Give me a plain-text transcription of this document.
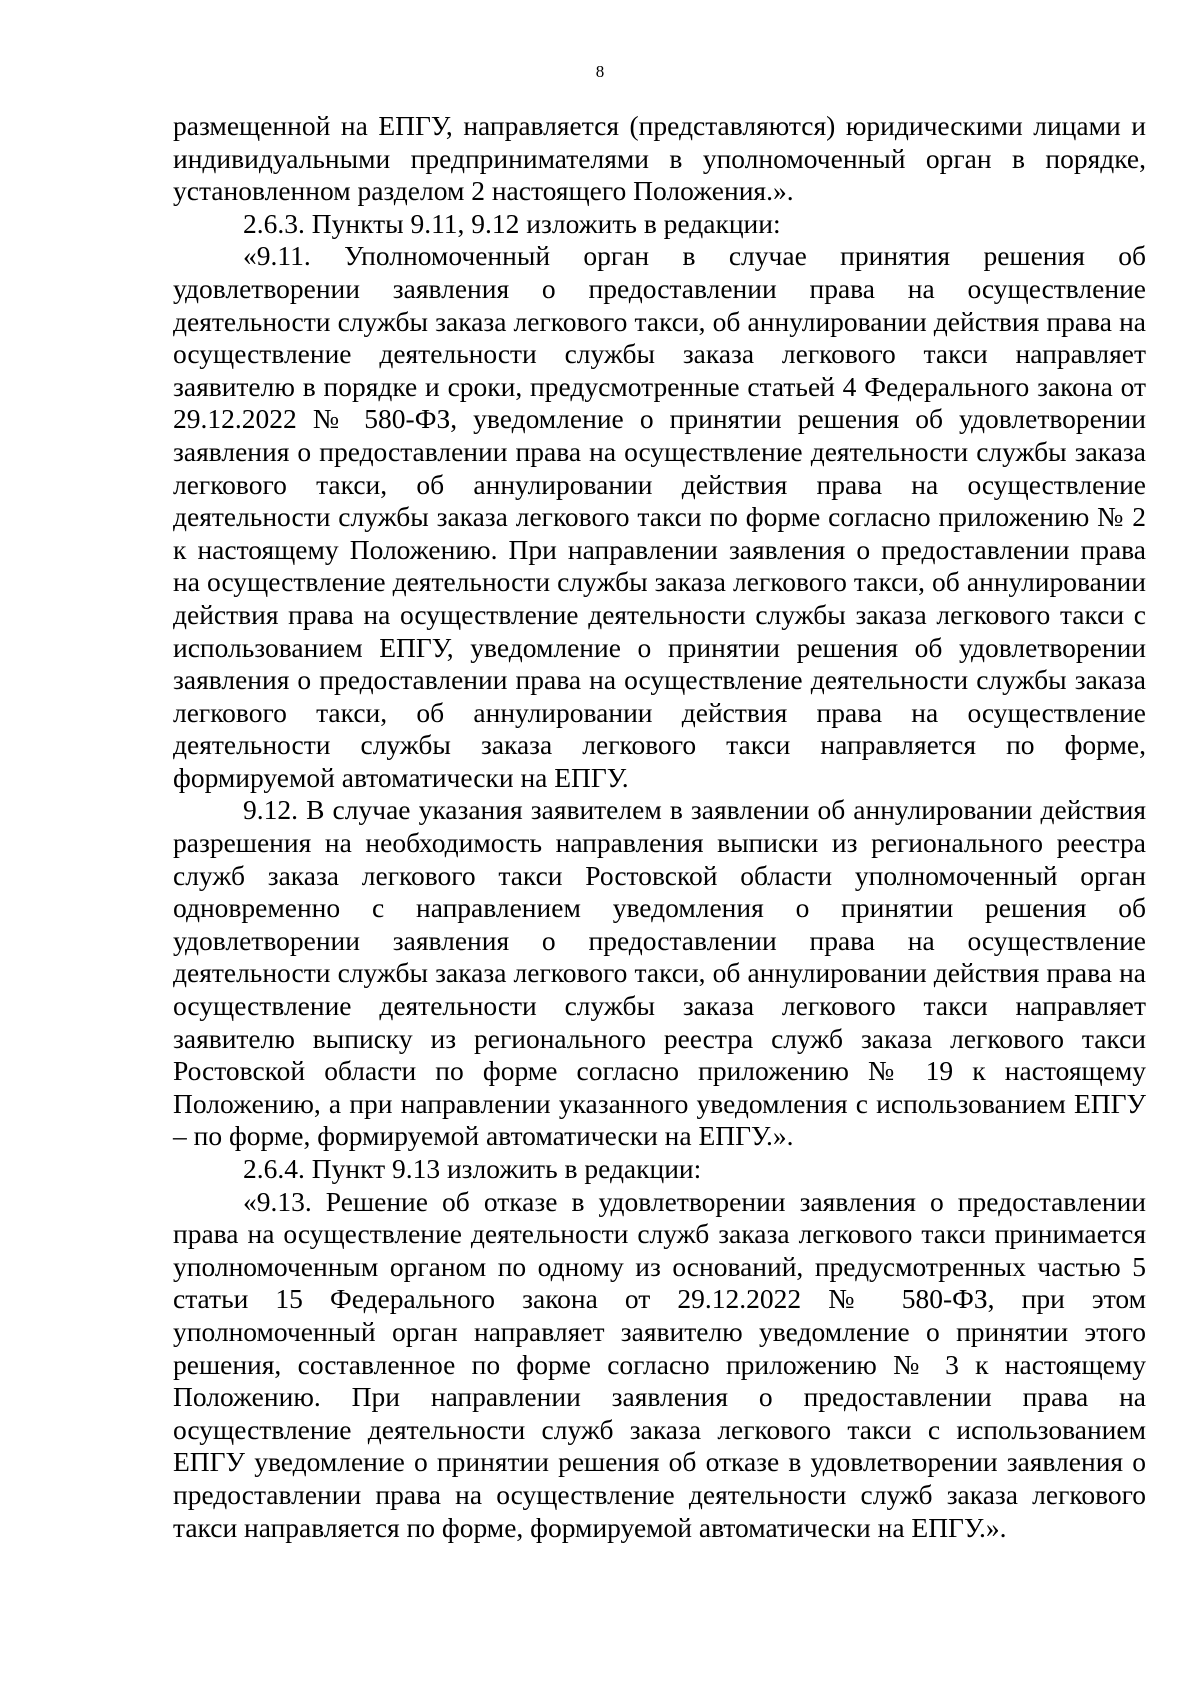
8

размещенной на ЕПГУ, направляется (представляются) юридическими лицами и индивидуальными предпринимателями в уполномоченный орган в порядке, установленном разделом 2 настоящего Положения.».

2.6.3. Пункты 9.11, 9.12 изложить в редакции:

«9.11. Уполномоченный орган в случае принятия решения об удовлетворении заявления о предоставлении права на осуществление деятельности службы заказа легкового такси, об аннулировании действия права на осуществление деятельности службы заказа легкового такси направляет заявителю в порядке и сроки, предусмотренные статьей 4 Федерального закона от 29.12.2022 № 580-ФЗ, уведомление о принятии решения об удовлетворении заявления о предоставлении права на осуществление деятельности службы заказа легкового такси, об аннулировании действия права на осуществление деятельности службы заказа легкового такси по форме согласно приложению № 2 к настоящему Положению. При направлении заявления о предоставлении права на осуществление деятельности службы заказа легкового такси, об аннулировании действия права на осуществление деятельности службы заказа легкового такси с использованием ЕПГУ, уведомление о принятии решения об удовлетворении заявления о предоставлении права на осуществление деятельности службы заказа легкового такси, об аннулировании действия права на осуществление деятельности службы заказа легкового такси направляется по форме, формируемой автоматически на ЕПГУ.

9.12. В случае указания заявителем в заявлении об аннулировании действия разрешения на необходимость направления выписки из регионального реестра служб заказа легкового такси Ростовской области уполномоченный орган одновременно с направлением уведомления о принятии решения об удовлетворении заявления о предоставлении права на осуществление деятельности службы заказа легкового такси, об аннулировании действия права на осуществление деятельности службы заказа легкового такси направляет заявителю выписку из регионального реестра служб заказа легкового такси Ростовской области по форме согласно приложению № 19 к настоящему Положению, а при направлении указанного уведомления с использованием ЕПГУ – по форме, формируемой автоматически на ЕПГУ.».

2.6.4. Пункт 9.13 изложить в редакции:

«9.13. Решение об отказе в удовлетворении заявления о предоставлении права на осуществление деятельности служб заказа легкового такси принимается уполномоченным органом по одному из оснований, предусмотренных частью 5 статьи 15 Федерального закона от 29.12.2022 № 580-ФЗ, при этом уполномоченный орган направляет заявителю уведомление о принятии этого решения, составленное по форме согласно приложению № 3 к настоящему Положению. При направлении заявления о предоставлении права на осуществление деятельности служб заказа легкового такси с использованием ЕПГУ уведомление о принятии решения об отказе в удовлетворении заявления о предоставлении права на осуществление деятельности служб заказа легкового такси направляется по форме, формируемой автоматически на ЕПГУ.».
